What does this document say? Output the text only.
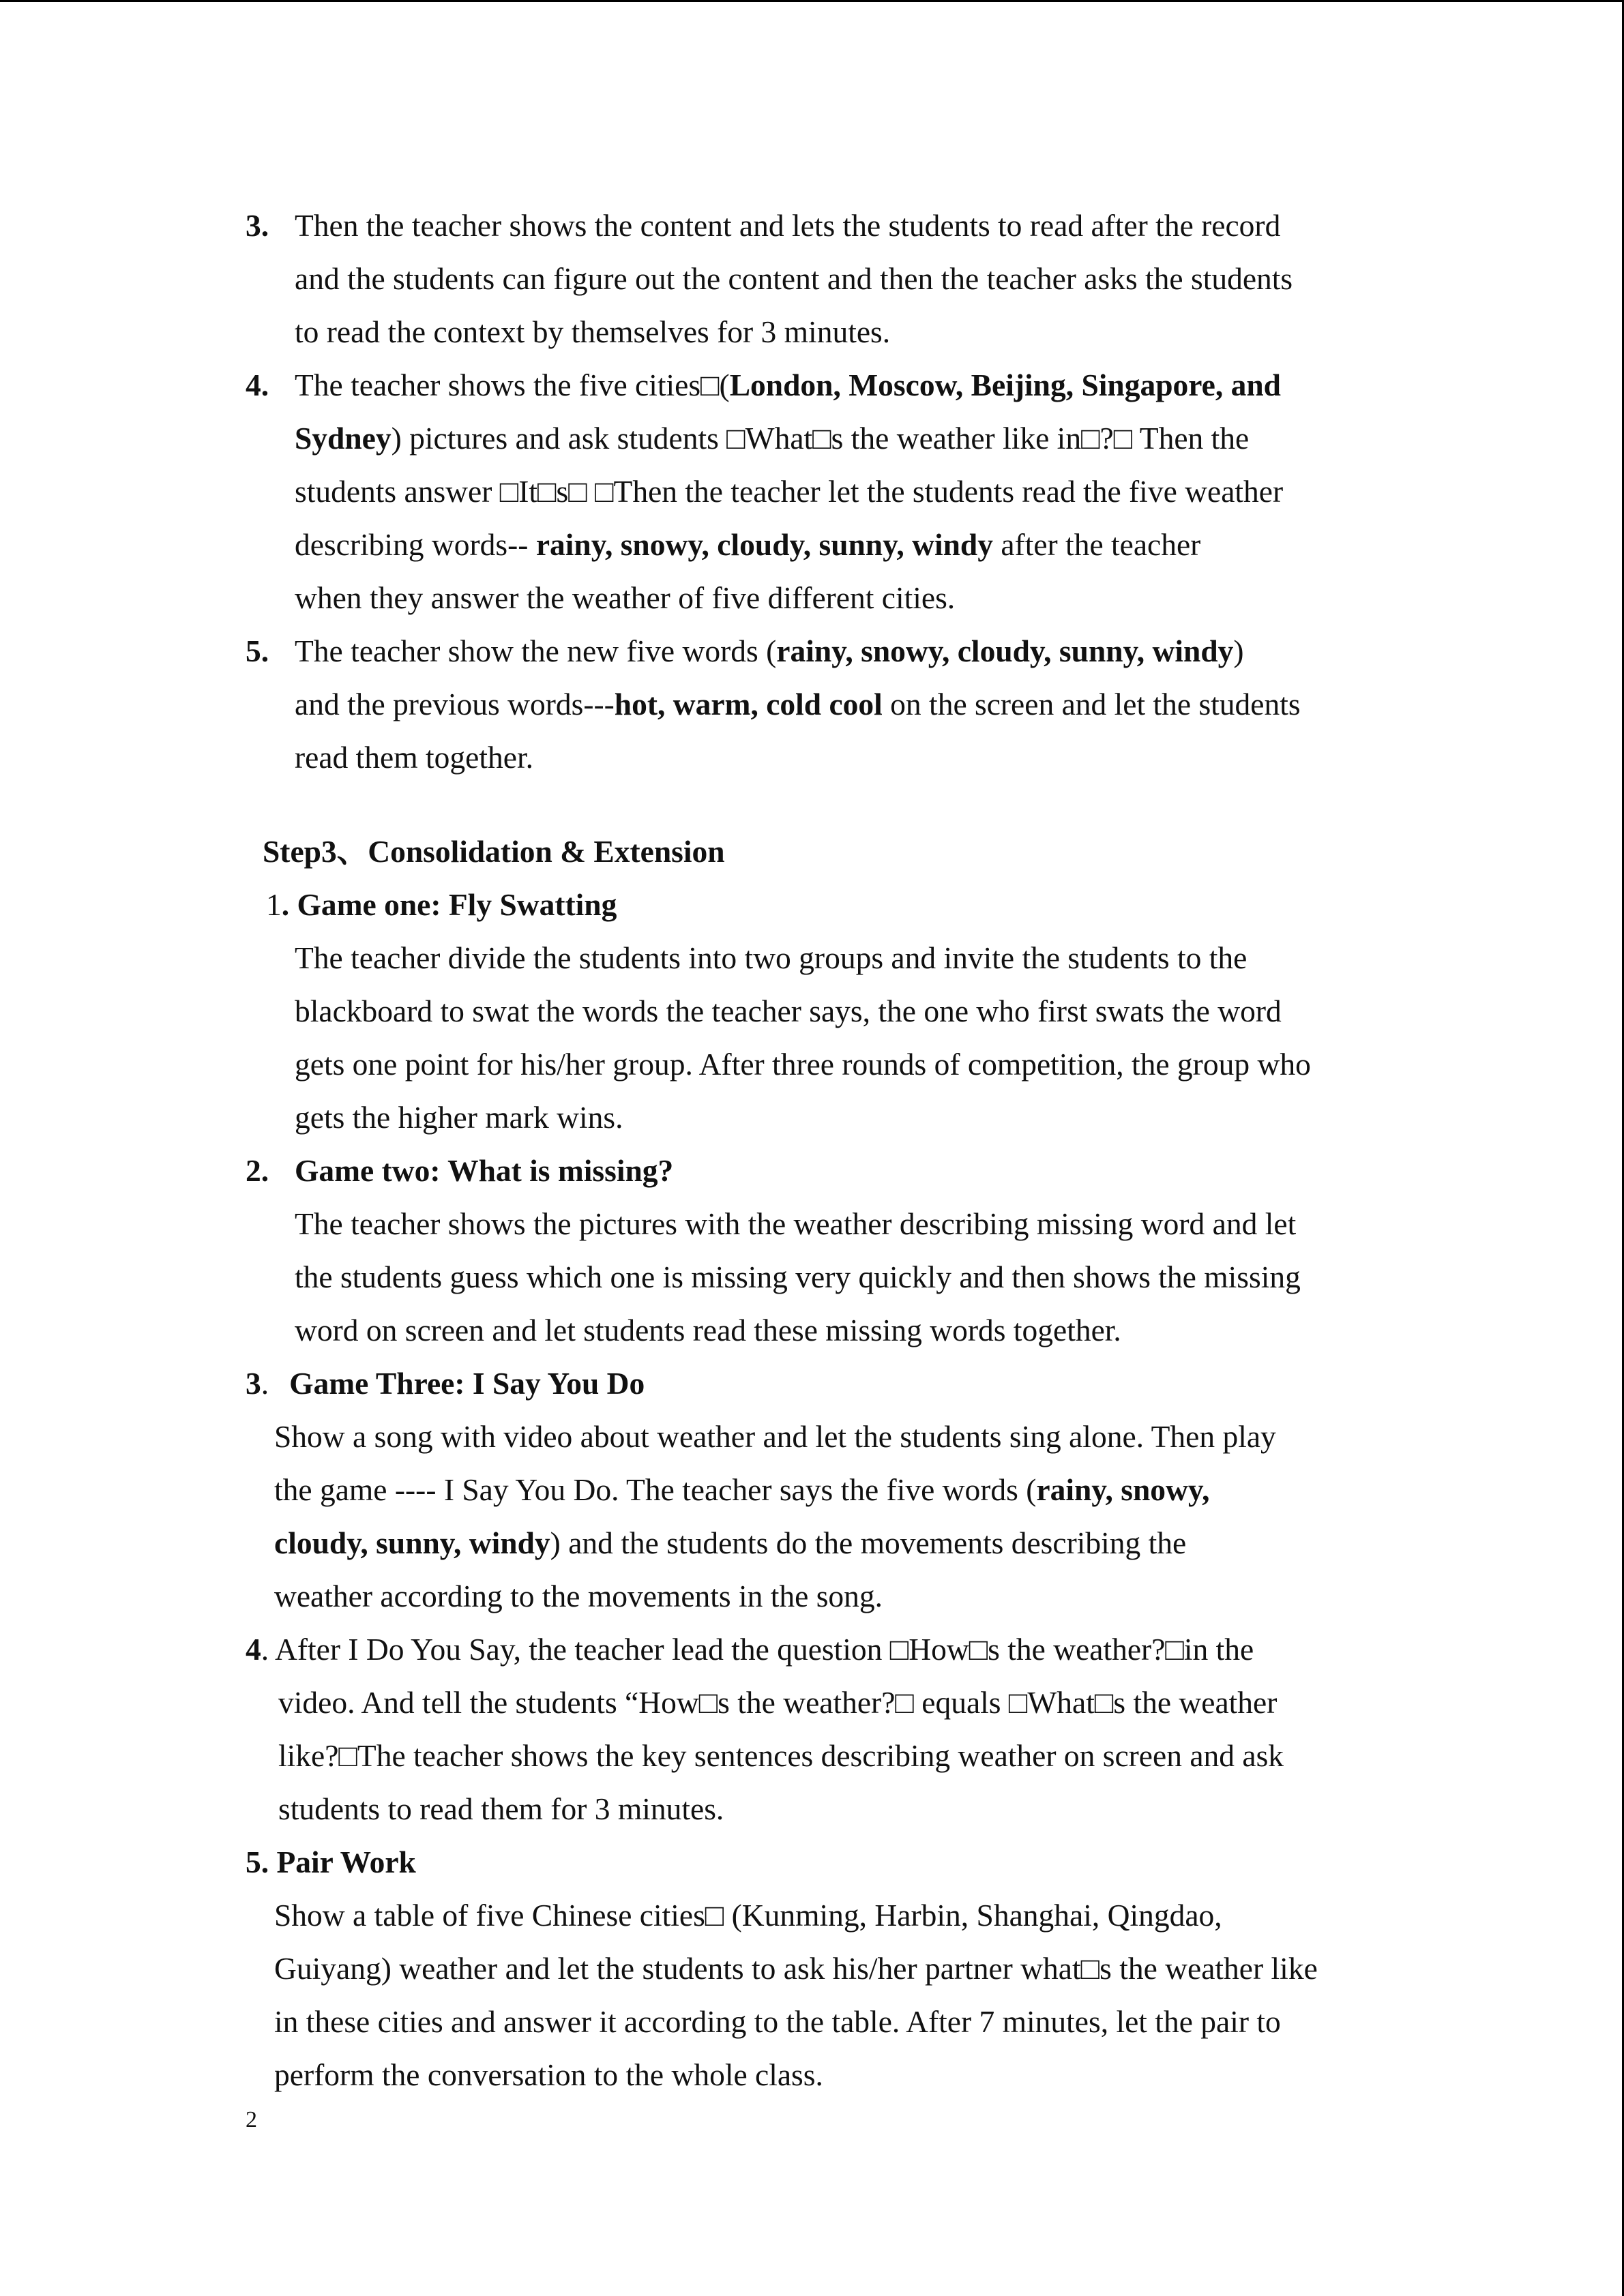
3. Then the teacher shows the content and lets the students to read after the record
and the students can figure out the content and then the teacher asks the students
to read the context by themselves for 3 minutes.
4. The teacher shows the five cities□(London, Moscow, Beijing, Singapore, and
Sydney) pictures and ask students □What□s the weather like in□?□ Then the
students answer □It□s□ □Then the teacher let the students read the five weather
describing words-- rainy, snowy, cloudy, sunny, windy after the teacher
when they answer the weather of five different cities.
5. The teacher show the new five words (rainy, snowy, cloudy, sunny, windy)
and the previous words---hot, warm, cold cool on the screen and let the students
read them together.
Step3、Consolidation & Extension
1. Game one: Fly Swatting
The teacher divide the students into two groups and invite the students to the
blackboard to swat the words the teacher says, the one who first swats the word
gets one point for his/her group. After three rounds of competition, the group who
gets the higher mark wins.
2. Game two: What is missing?
The teacher shows the pictures with the weather describing missing word and let
the students guess which one is missing very quickly and then shows the missing
word on screen and let students read these missing words together.
3. Game Three: I Say You Do
Show a song with video about weather and let the students sing alone. Then play
the game ---- I Say You Do. The teacher says the five words (rainy, snowy,
cloudy, sunny, windy) and the students do the movements describing the
weather according to the movements in the song.
4. After I Do You Say, the teacher lead the question □How□s the weather?□in the
video. And tell the students “How□s the weather?□ equals □What□s the weather
like?□The teacher shows the key sentences describing weather on screen and ask
students to read them for 3 minutes.
5. Pair Work
Show a table of five Chinese cities□ (Kunming, Harbin, Shanghai, Qingdao,
Guiyang) weather and let the students to ask his/her partner what□s the weather like
in these cities and answer it according to the table. After 7 minutes, let the pair to
perform the conversation to the whole class.
2
